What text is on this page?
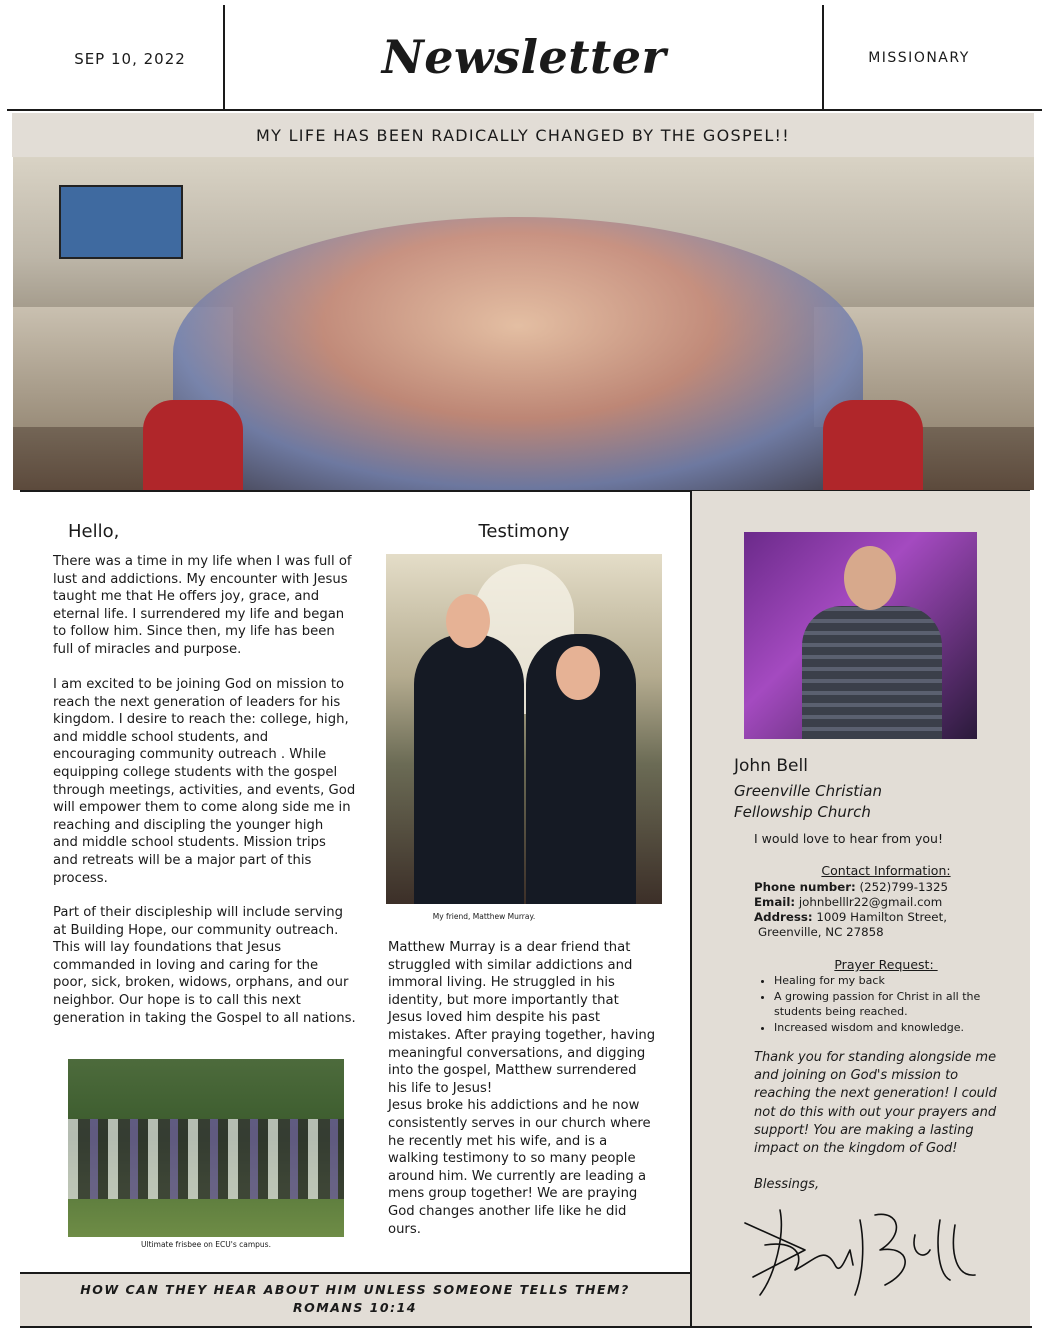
SEP 10, 2022	Newsletter	MISSIONARY
MY LIFE HAS BEEN RADICALLY CHANGED BY THE GOSPEL!!
Hello,
There was a time in my life when I was full of
lust and addictions. My encounter with Jesus
taught me that He offers joy, grace, and
eternal life. I surrendered my life and began
to follow him. Since then, my life has been
full of miracles and purpose.
I am excited to be joining God on mission to
reach the next generation of leaders for his
kingdom. I desire to reach the: college, high,
and middle school students, and
encouraging community outreach . While
equipping college students with the gospel
through meetings, activities, and events, God
will empower them to come along side me in
reaching and discipling the younger high
and middle school students. Mission trips
and retreats will be a major part of this
process.
Part of their discipleship will include serving
at Building Hope, our community outreach.
This will lay foundations that Jesus
commanded in loving and caring for the
poor, sick, broken, widows, orphans, and our
neighbor. Our hope is to call this next
generation in taking the Gospel to all nations.
Ultimate frisbee on ECU's campus.
Testimony
My friend, Matthew Murray.
Matthew Murray is a dear friend that
struggled with similar addictions and
immoral living. He struggled in his
identity, but more importantly that
Jesus loved him despite his past
mistakes. After praying together, having
meaningful conversations, and digging
into the gospel, Matthew surrendered
his life to Jesus!
Jesus broke his addictions and he now
consistently serves in our church where
he recently met his wife, and is a
walking testimony to so many people
around him. We currently are leading a
mens group together! We are praying
God changes another life like he did
ours.
John Bell
Greenville Christian
Fellowship Church
I would love to hear from you!
Contact Information:
Phone number: (252)799-1325
Email: johnbelllr22@gmail.com
Address: 1009 Hamilton Street,
Greenville, NC 27858
Prayer Request:
• Healing for my back
• A growing passion for Christ in all the students being reached.
• Increased wisdom and knowledge.
Thank you for standing alongside me
and joining on God's mission to
reaching the next generation! I could
not do this with out your prayers and
support! You are making a lasting
impact on the kingdom of God!
Blessings,
HOW CAN THEY HEAR ABOUT HIM UNLESS SOMEONE TELLS THEM?
ROMANS 10:14
